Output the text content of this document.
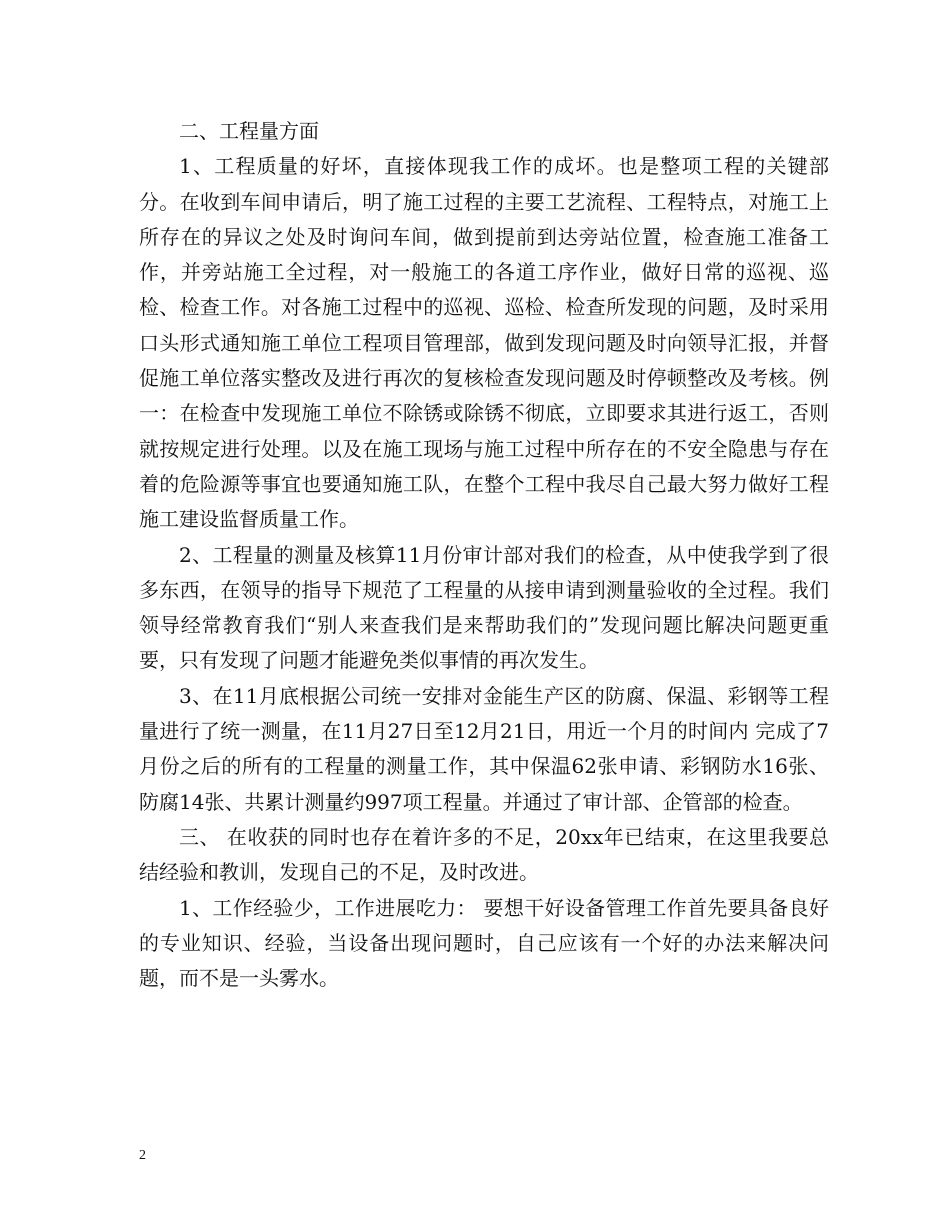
二、工程量方面

1、工程质量的好坏，直接体现我工作的成坏。也是整项工程的关键部分。在收到车间申请后，明了施工过程的主要工艺流程、工程特点，对施工上所存在的异议之处及时询问车间，做到提前到达旁站位置，检查施工准备工作，并旁站施工全过程，对一般施工的各道工序作业，做好日常的巡视、巡检、检查工作。对各施工过程中的巡视、巡检、检查所发现的问题，及时采用口头形式通知施工单位工程项目管理部，做到发现问题及时向领导汇报，并督促施工单位落实整改及进行再次的复核检查发现问题及时停顿整改及考核。例一：在检查中发现施工单位不除锈或除锈不彻底，立即要求其进行返工，否则就按规定进行处理。以及在施工现场与施工过程中所存在的不安全隐患与存在着的危险源等事宜也要通知施工队，在整个工程中我尽自己最大努力做好工程施工建设监督质量工作。

2、工程量的测量及核算11月份审计部对我们的检查，从中使我学到了很多东西，在领导的指导下规范了工程量的从接申请到测量验收的全过程。我们领导经常教育我们“别人来查我们是来帮助我们的”发现问题比解决问题更重要，只有发现了问题才能避免类似事情的再次发生。

3、在11月底根据公司统一安排对金能生产区的防腐、保温、彩钢等工程量进行了统一测量，在11月27日至12月21日，用近一个月的时间内 完成了7月份之后的所有的工程量的测量工作，其中保温62张申请、彩钢防水16张、防腐14张、共累计测量约997项工程量。并通过了审计部、企管部的检查。

三、 在收获的同时也存在着许多的不足，20xx年已结束，在这里我要总结经验和教训，发现自己的不足，及时改进。

1、工作经验少，工作进展吃力： 要想干好设备管理工作首先要具备良好的专业知识、经验，当设备出现问题时，自己应该有一个好的办法来解决问题，而不是一头雾水。

2
